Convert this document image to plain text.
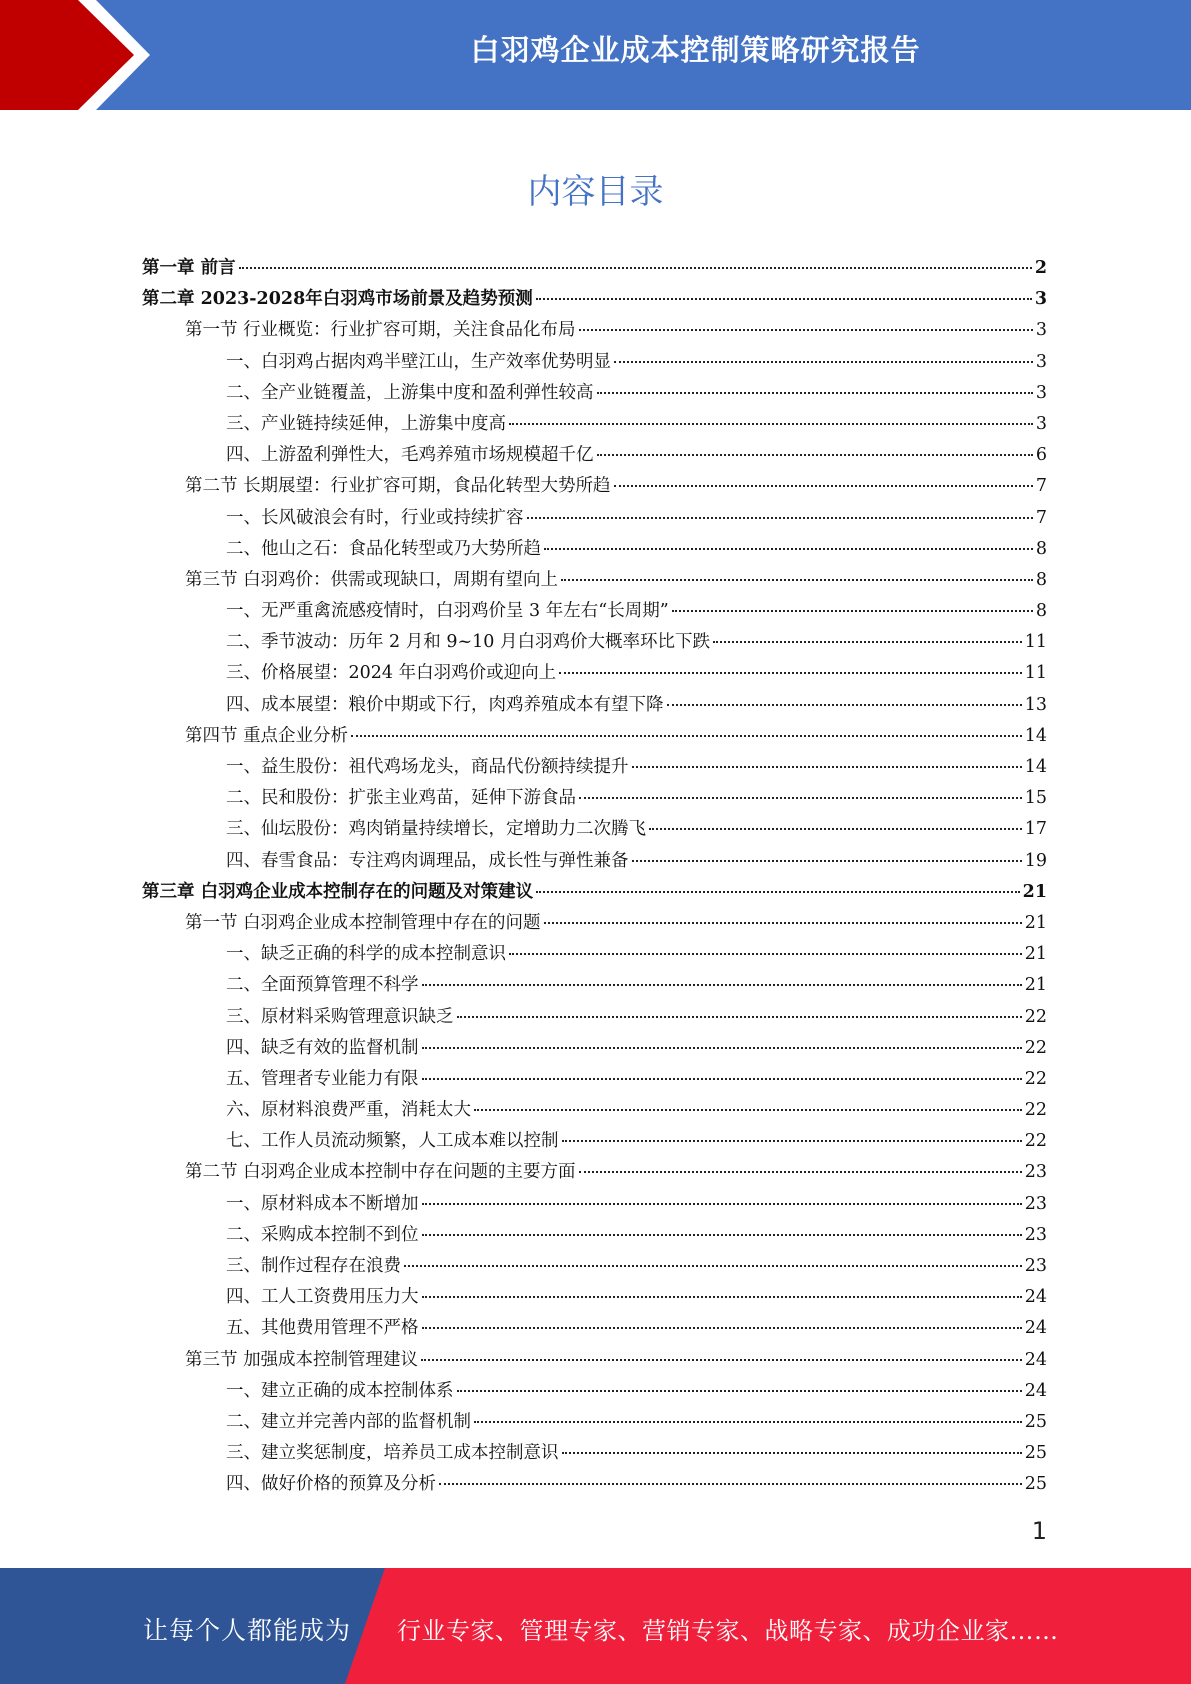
白羽鸡企业成本控制策略研究报告
内容目录
第一章 前言	2
第二章 2023-2028年白羽鸡市场前景及趋势预测	3
第一节 行业概览：行业扩容可期，关注食品化布局	3
一、白羽鸡占据肉鸡半壁江山，生产效率优势明显	3
二、全产业链覆盖，上游集中度和盈利弹性较高	3
三、产业链持续延伸，上游集中度高	3
四、上游盈利弹性大，毛鸡养殖市场规模超千亿	6
第二节 长期展望：行业扩容可期，食品化转型大势所趋	7
一、长风破浪会有时，行业或持续扩容	7
二、他山之石：食品化转型或乃大势所趋	8
第三节 白羽鸡价：供需或现缺口，周期有望向上	8
一、无严重禽流感疫情时，白羽鸡价呈 3 年左右“长周期”	8
二、季节波动：历年 2 月和 9~10 月白羽鸡价大概率环比下跌	11
三、价格展望：2024 年白羽鸡价或迎向上	11
四、成本展望：粮价中期或下行，肉鸡养殖成本有望下降	13
第四节 重点企业分析	14
一、益生股份：祖代鸡场龙头，商品代份额持续提升	14
二、民和股份：扩张主业鸡苗，延伸下游食品	15
三、仙坛股份：鸡肉销量持续增长，定增助力二次腾飞	17
四、春雪食品：专注鸡肉调理品，成长性与弹性兼备	19
第三章 白羽鸡企业成本控制存在的问题及对策建议	21
第一节 白羽鸡企业成本控制管理中存在的问题	21
一、缺乏正确的科学的成本控制意识	21
二、全面预算管理不科学	21
三、原材料采购管理意识缺乏	22
四、缺乏有效的监督机制	22
五、管理者专业能力有限	22
六、原材料浪费严重，消耗太大	22
七、工作人员流动频繁，人工成本难以控制	22
第二节 白羽鸡企业成本控制中存在问题的主要方面	23
一、原材料成本不断增加	23
二、采购成本控制不到位	23
三、制作过程存在浪费	23
四、工人工资费用压力大	24
五、其他费用管理不严格	24
第三节 加强成本控制管理建议	24
一、建立正确的成本控制体系	24
二、建立并完善内部的监督机制	25
三、建立奖惩制度，培养员工成本控制意识	25
四、做好价格的预算及分析	25
1
让每个人都能成为 行业专家、管理专家、营销专家、战略专家、成功企业家……
